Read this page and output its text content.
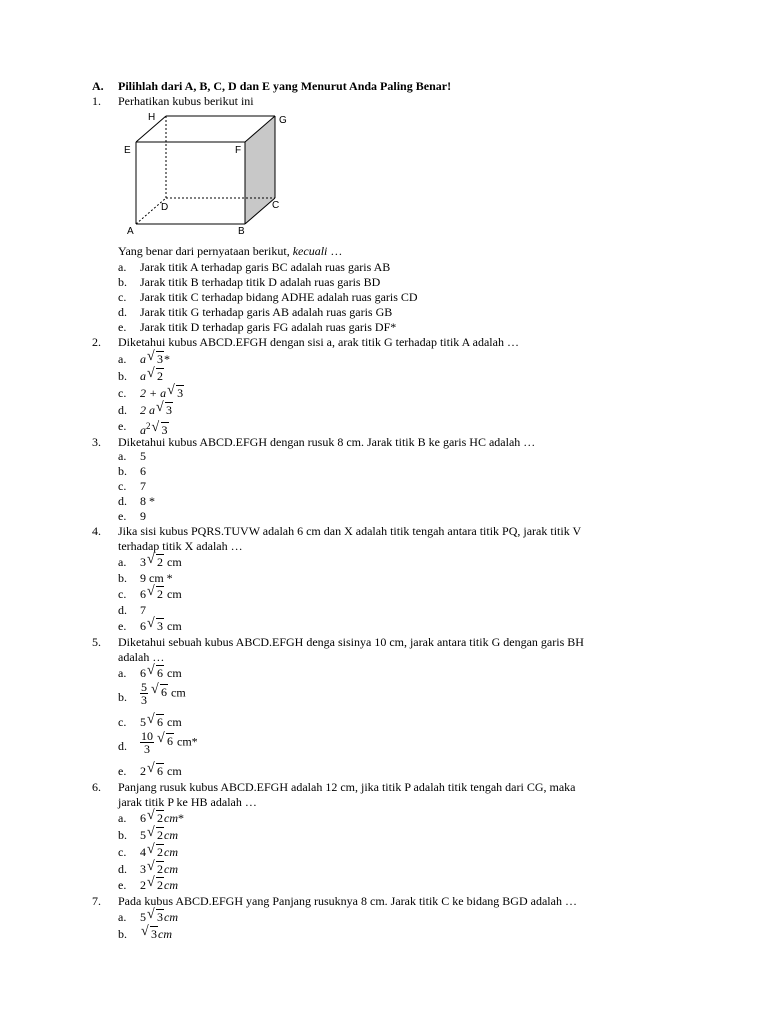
A. Pilihlah dari A, B, C, D dan E yang Menurut Anda Paling Benar!
1. Perhatikan kubus berikut ini
H	G
E	F
D	C
A	B
Yang benar dari pernyataan berikut, kecuali …
a. Jarak titik A terhadap garis BC adalah ruas garis AB
b. Jarak titik B terhadap titik D adalah ruas garis BD
c. Jarak titik C terhadap bidang ADHE adalah ruas garis CD
d. Jarak titik G terhadap garis AB adalah ruas garis GB
e. Jarak titik D terhadap garis FG adalah ruas garis DF*
2. Diketahui kubus ABCD.EFGH dengan sisi a, arak titik G terhadap titik A adalah …
a. a√ 3*
b. a√ 2
c. 2 + a√ 3
d. 2 a√ 3
e. $a^2√$ 3
3. Diketahui kubus ABCD.EFGH dengan rusuk 8 cm. Jarak titik B ke garis HC adalah …
a. 5
b. 6
c. 7
d. 8 *
e. 9
4. Jika sisi kubus PQRS.TUVW adalah 6 cm dan X adalah titik tengah antara titik PQ, jarak titik V
terhadap titik X adalah …
a. 3√ 2 cm
b. 9 cm *
c. 6√ 2 cm
d. 7
e. 6√ 3 cm
5. Diketahui sebuah kubus ABCD.EFGH denga sisinya 10 cm, jarak antara titik G dengan garis BH
adalah …
a. 6√ 6 cm
b. $\frac{5}{3}$
√ 6 cm
c. 5√ 6 cm
d. $\frac{10}{3}$
√ 6 cm*
e. 2√ 6 cm
6. Panjang rusuk kubus ABCD.EFGH adalah 12 cm, jika titik P adalah titik tengah dari CG, maka
jarak titik P ke HB adalah …
a. 6√ 2cm*
b. 5√ 2cm
c. 4√ 2cm
d. 3√ 2cm
e. 2√ 2cm
7. Pada kubus ABCD.EFGH yang Panjang rusuknya 8 cm. Jarak titik C ke bidang BGD adalah …
a. 5√ 3cm
b.
√	3cm
